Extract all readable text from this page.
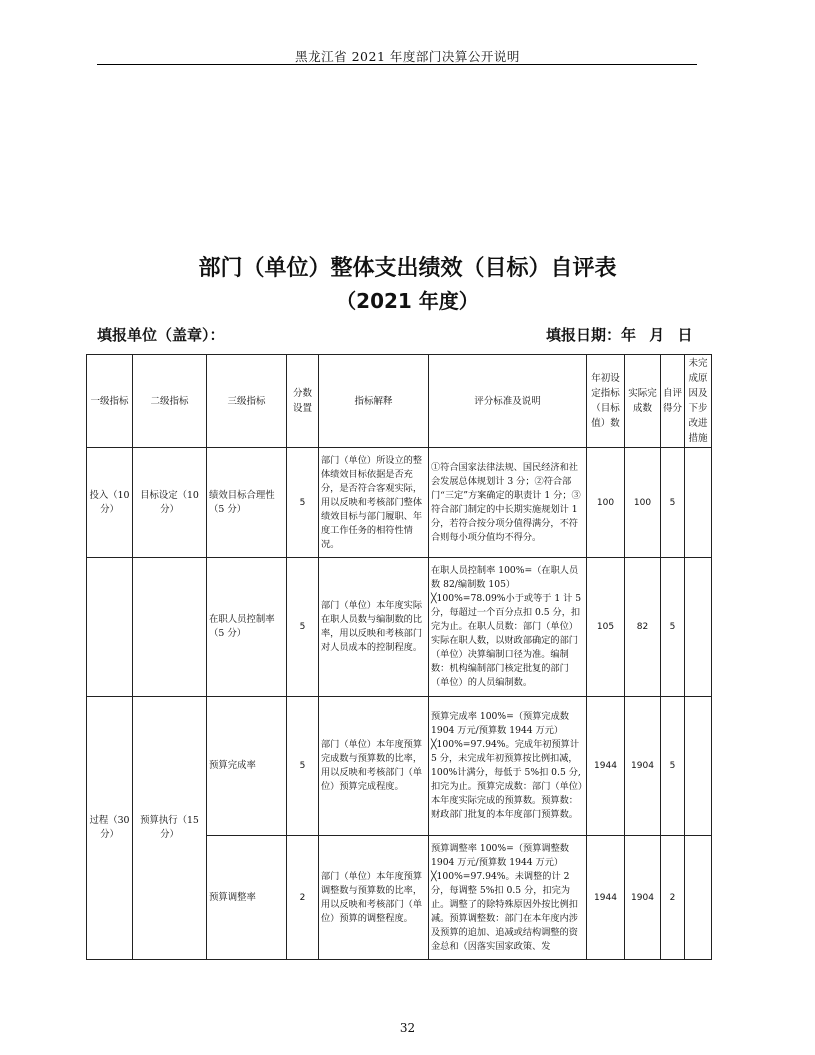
黑龙江省 2021 年度部门决算公开说明
部门（单位）整体支出绩效（目标）自评表
（2021 年度）
填报单位（盖章）：	填报日期：年 月 日
一级指标	二级指标	三级指标	分数设置	指标解释	评分标准及说明	年初设定指标（目标值）数	实际完成数	自评得分	未完成原因及下步改进措施
投入（10 分）	目标设定（10 分）	绩效目标合理性（5 分）	5	部门（单位）所设立的整体绩效目标依据是否充分，是否符合客观实际，用以反映和考核部门整体绩效目标与部门履职、年度工作任务的相符性情况。	①符合国家法律法规、国民经济和社会发展总体规划计 3 分；②符合部门“三定”方案确定的职责计 1 分；③符合部门制定的中长期实施规划计 1 分，若符合按分项分值得满分，不符合则每小项分值均不得分。	100	100	5	
		在职人员控制率（5 分）	5	部门（单位）本年度实际在职人员数与编制数的比率，用以反映和考核部门对人员成本的控制程度。	在职人员控制率 100%=（在职人员数 82/编制数 105）╳100%=78.09%小于或等于 1 计 5 分，每超过一个百分点扣 0.5 分，扣完为止。在职人员数：部门（单位）实际在职人数，以财政部确定的部门（单位）决算编制口径为准。编制数：机构编制部门核定批复的部门（单位）的人员编制数。	105	82	5	
过程（30 分）	预算执行（15 分）	预算完成率	5	部门（单位）本年度预算完成数与预算数的比率，用以反映和考核部门（单位）预算完成程度。	预算完成率 100%=（预算完成数 1904 万元/预算数 1944 万元）╳100%=97.94%。完成年初预算计 5 分，未完成年初预算按比例扣减，100%计满分，每低于 5%扣 0.5 分,扣完为止。预算完成数：部门（单位）本年度实际完成的预算数。预算数：财政部门批复的本年度部门预算数。	1944	1904	5	
		预算调整率	2	部门（单位）本年度预算调整数与预算数的比率，用以反映和考核部门（单位）预算的调整程度。	预算调整率 100%=（预算调整数 1904 万元/预算数 1944 万元）╳100%=97.94%。未调整的计 2 分，每调整 5%扣 0.5 分，扣完为止。调整了的除特殊原因外按比例扣减。预算调整数：部门在本年度内涉及预算的追加、追减或结构调整的资金总和（因落实国家政策、发	1944	1904	2	
32
